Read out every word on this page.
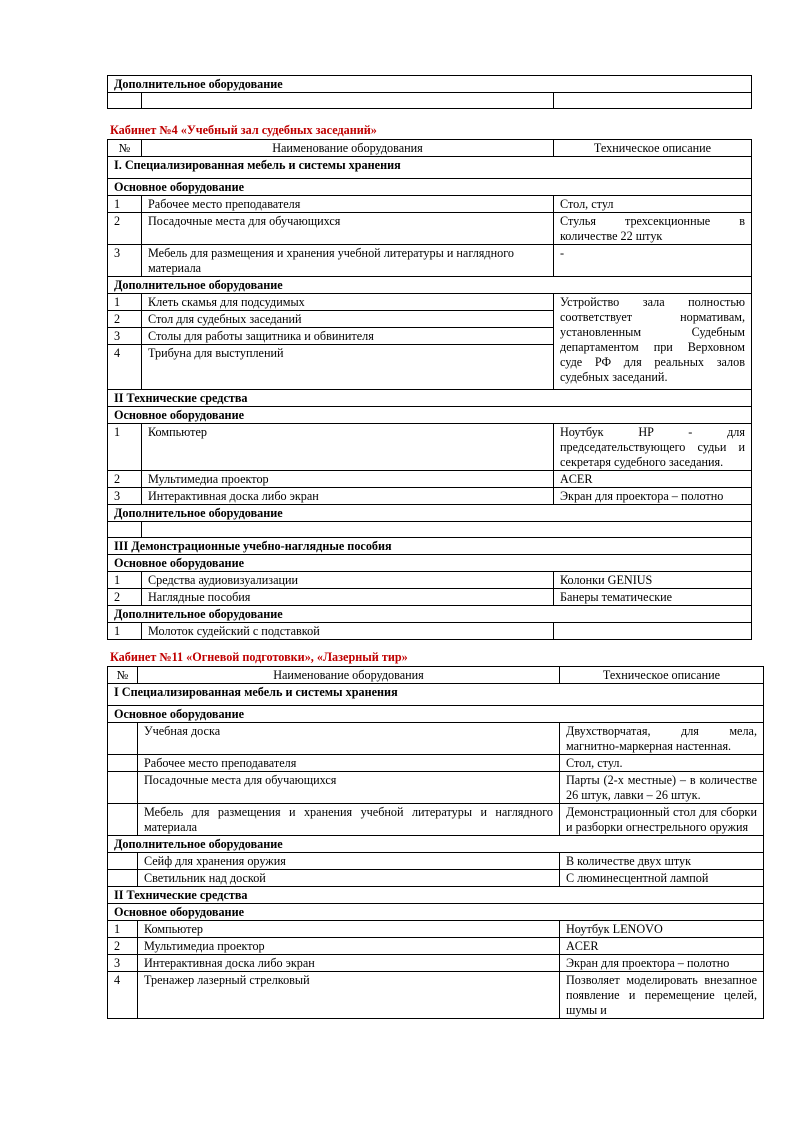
Дополнительное оборудование

Кабинет №4 «Учебный зал судебных заседаний»
№	Наименование оборудования	Техническое описание
I. Специализированная мебель и системы хранения		
Основное оборудование		
1	Рабочее место преподавателя	Стол, стул
2	Посадочные места для обучающихся	Стулья трехсекционные в количестве 22 штук
3	Мебель для размещения и хранения учебной литературы и наглядного материала	-
Дополнительное оборудование		
1	Клеть скамья для подсудимых	Устройство зала полностью соответствует нормативам, установленным Судебным департаментом при Верховном суде РФ для реальных залов судебных заседаний.
2	Стол для судебных заседаний	
3	Столы для работы защитника и обвинителя	
4	Трибуна для выступлений	
II Технические средства		
Основное оборудование		
1	Компьютер	Ноутбук HP - для председательствующего судьи и секретаря судебного заседания.
2	Мультимедиа проектор	ACER
3	Интерактивная доска либо экран	Экран для проектора – полотно
Дополнительное оборудование		

III Демонстрационные учебно-наглядные пособия		
Основное оборудование		
1	Средства аудиовизуализации	Колонки GENIUS
2	Наглядные пособия	Банеры тематические
Дополнительное оборудование		
1	Молоток судейский с подставкой	
Кабинет №11 «Огневой подготовки», «Лазерный тир»
№	Наименование оборудования	Техническое описание
I Специализированная мебель и системы хранения		
Основное оборудование		
	Учебная доска	Двухстворчатая, для мела, магнитно-маркерная настенная.
	Рабочее место преподавателя	Стол, стул.
	Посадочные места для обучающихся	Парты (2-х местные) – в количестве 26 штук, лавки – 26 штук.
	Мебель для размещения и хранения учебной литературы и наглядного материала	Демонстрационный стол для сборки и разборки огнестрельного оружия
Дополнительное оборудование		
	Сейф для хранения оружия	В количестве двух штук
	Светильник над доской	С люминесцентной лампой
II Технические средства		
Основное оборудование		
1	Компьютер	Ноутбук LENOVO
2	Мультимедиа проектор	ACER
3	Интерактивная доска либо экран	Экран для проектора – полотно
4	Тренажер лазерный стрелковый	Позволяет моделировать внезапное появление и перемещение целей, шумы и
